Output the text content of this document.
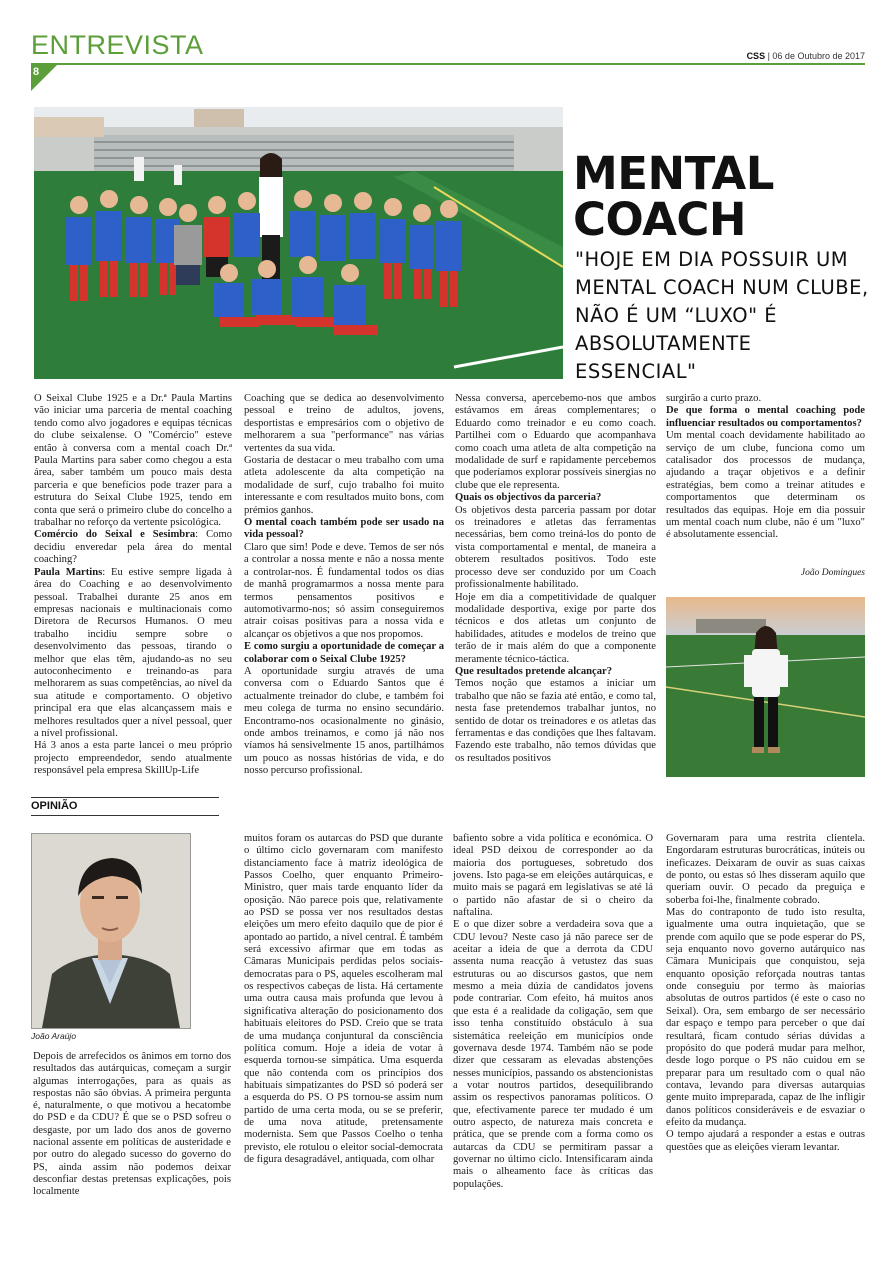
ENTREVISTA	CSS | 06 de Outubro de 2017
8
MENTAL
COACH
"HOJE EM DIA POSSUIR UM MENTAL COACH NUM CLUBE, NÃO É UM “LUXO" É ABSOLUTAMENTE ESSENCIAL"

O Seixal Clube 1925 e a Dr.ª Paula Martins vão iniciar uma parceria de mental coaching tendo como alvo jogadores e equipas técnicas do clube seixalense. O "Comércio" esteve então à conversa com a mental coach Dr.ª Paula Martins para saber como chegou a esta área, saber também um pouco mais desta parceria e que benefícios pode trazer para a estrutura do Seixal Clube 1925, tendo em conta que será o primeiro clube do concelho a trabalhar no reforço da vertente psicológica.

Comércio do Seixal e Sesimbra: Como decidiu enveredar pela área do mental coaching?

Paula Martins: Eu estive sempre ligada à área do Coaching e ao desenvolvimento pessoal. Trabalhei durante 25 anos em empresas nacionais e multinacionais como Diretora de Recursos Humanos. O meu trabalho incidiu sempre sobre o desenvolvimento das pessoas, tirando o melhor que elas têm, ajudando-as no seu autoconhecimento e treinando-as para melhorarem as suas competências, ao nível da sua atitude e comportamento. O objetivo principal era que elas alcançassem mais e melhores resultados quer a nível pessoal, quer a nível profissional.

Há 3 anos a esta parte lancei o meu próprio projecto empreendedor, sendo atualmente responsável pela empresa SkillUp-Life

Coaching que se dedica ao desenvolvimento pessoal e treino de adultos, jovens, desportistas e empresários com o objetivo de melhorarem a sua "performance" nas várias vertentes da sua vida.

Gostaria de destacar o meu trabalho com uma atleta adolescente da alta competição na modalidade de surf, cujo trabalho foi muito interessante e com resultados muito bons, com prémios ganhos.

O mental coach também pode ser usado na vida pessoal?

Claro que sim! Pode e deve. Temos de ser nós a controlar a nossa mente e não a nossa mente a controlar-nos. É fundamental todos os dias de manhã programarmos a nossa mente para termos pensamentos positivos e automotivarmo-nos; só assim conseguiremos atrair coisas positivas para a nossa vida e alcançar os objetivos a que nos propomos.

E como surgiu a oportunidade de começar a colaborar com o Seixal Clube 1925?

A oportunidade surgiu através de uma conversa com o Eduardo Santos que é actualmente treinador do clube, e também foi meu colega de turma no ensino secundário. Encontramo-nos ocasionalmente no ginásio, onde ambos treinamos, e como já não nos víamos há sensivelmente 15 anos, partilhámos um pouco as nossas histórias de vida, e do nosso percurso profissional.

Nessa conversa, apercebemo-nos que ambos estávamos em áreas complementares; o Eduardo como treinador e eu como coach. Partilhei com o Eduardo que acompanhava como coach uma atleta de alta competição na modalidade de surf e rapidamente percebemos que poderíamos explorar possíveis sinergias no clube que ele representa.

Quais os objectivos da parceria?

Os objetivos desta parceria passam por dotar os treinadores e atletas das ferramentas necessárias, bem como treiná-los do ponto de vista comportamental e mental, de maneira a obterem resultados positivos. Todo este processo deve ser conduzido por um Coach profissionalmente habilitado.

Hoje em dia a competitividade de qualquer modalidade desportiva, exige por parte dos técnicos e dos atletas um conjunto de habilidades, atitudes e modelos de treino que terão de ir mais além do que a componente meramente técnico-táctica.

Que resultados pretende alcançar?

Temos noção que estamos a iniciar um trabalho que não se fazia até então, e como tal, nesta fase pretendemos trabalhar juntos, no sentido de dotar os treinadores e os atletas das ferramentas e das condições que lhes faltavam. Fazendo este trabalho, não temos dúvidas que os resultados positivos

surgirão a curto prazo.

De que forma o mental coaching pode influenciar resultados ou comportamentos?

Um mental coach devidamente habilitado ao serviço de um clube, funciona como um catalisador dos processos de mudança, ajudando a traçar objetivos e a definir estratégias, bem como a treinar atitudes e comportamentos que determinam os resultados das equipas. Hoje em dia possuir um mental coach num clube, não é um "luxo" é absolutamente essencial.

João Domingues
OPINIÃO
João Araújo

Depois de arrefecidos os ânimos em torno dos resultados das autárquicas, começam a surgir algumas interrogações, para as quais as respostas não são óbvias. A primeira pergunta é, naturalmente, o que motivou a hecatombe do PSD e da CDU? É que se o PSD sofreu o desgaste, por um lado dos anos de governo nacional assente em políticas de austeridade e por outro do alegado sucesso do governo do PS, ainda assim não podemos deixar desconfiar destas pretensas explicações, pois localmente

muitos foram os autarcas do PSD que durante o último ciclo governaram com manifesto distanciamento face à matriz ideológica de Passos Coelho, quer enquanto Primeiro-Ministro, quer mais tarde enquanto líder da oposição. Não parece pois que, relativamente ao PSD se possa ver nos resultados destas eleições um mero efeito daquilo que de pior é apontado ao partido, a nível central. É também será excessivo afirmar que em todas as Câmaras Municipais perdidas pelos sociais-democratas para o PS, aqueles escolheram mal os respectivos cabeças de lista. Há certamente uma outra causa mais profunda que levou à significativa alteração do posicionamento dos habituais eleitores do PSD. Creio que se trata de uma mudança conjuntural da consciência política comum. Hoje a ideia de votar à esquerda tornou-se simpática. Uma esquerda que não contenda com os princípios dos habituais simpatizantes do PSD só poderá ser a esquerda do PS. O PS tornou-se assim num partido de uma certa moda, ou se se preferir, de uma nova atitude, pretensamente modernista. Sem que Passos Coelho o tenha previsto, ele rotulou o eleitor social-democrata de figura desagradável, antiquada, com olhar

bafiento sobre a vida política e económica. O ideal PSD deixou de corresponder ao da maioria dos portugueses, sobretudo dos jovens. Isto paga-se em eleições autárquicas, e muito mais se pagará em legislativas se até lá o partido não afastar de si o cheiro da naftalina.

E o que dizer sobre a verdadeira sova que a CDU levou? Neste caso já não parece ser de aceitar a ideia de que a derrota da CDU assenta numa reacção à vetustez das suas estruturas ou ao discursos gastos, que nem mesmo a meia dúzia de candidatos jovens pode contrariar. Com efeito, há muitos anos que esta é a realidade da coligação, sem que isso tenha constituído obstáculo à sua sistemática reeleição em municípios onde governava desde 1974. Também não se pode dizer que cessaram as elevadas abstenções nesses municípios, passando os abstencionistas a votar noutros partidos, desequilibrando assim os respectivos panoramas políticos. O que, efectivamente parece ter mudado é um outro aspecto, de natureza mais concreta e prática, que se prende com a forma como os autarcas da CDU se permitiram passar a governar no último ciclo. Intensificaram ainda mais o alheamento face às críticas das populações.

Governaram para uma restrita clientela. Engordaram estruturas burocráticas, inúteis ou ineficazes. Deixaram de ouvir as suas caixas de ponto, ou estas só lhes disseram aquilo que queriam ouvir. O pecado da preguiça e soberba foi-lhe, finalmente cobrado.

Mas do contraponto de tudo isto resulta, igualmente uma outra inquietação, que se prende com aquilo que se pode esperar do PS, seja enquanto novo governo autárquico nas Câmara Municipais que conquistou, seja enquanto oposição reforçada noutras tantas onde conseguiu por termo às maiorias absolutas de outros partidos (é este o caso no Seixal). Ora, sem embargo de ser necessário dar espaço e tempo para perceber o que daí resultará, ficam contudo sérias dúvidas a propósito do que poderá mudar para melhor, desde logo porque o PS não cuidou em se preparar para um resultado com o qual não contava, levando para diversas autarquias gente muito impreparada, capaz de lhe infligir danos políticos consideráveis e de esvaziar o efeito da mudança.

O tempo ajudará a responder a estas e outras questões que as eleições vieram levantar.
